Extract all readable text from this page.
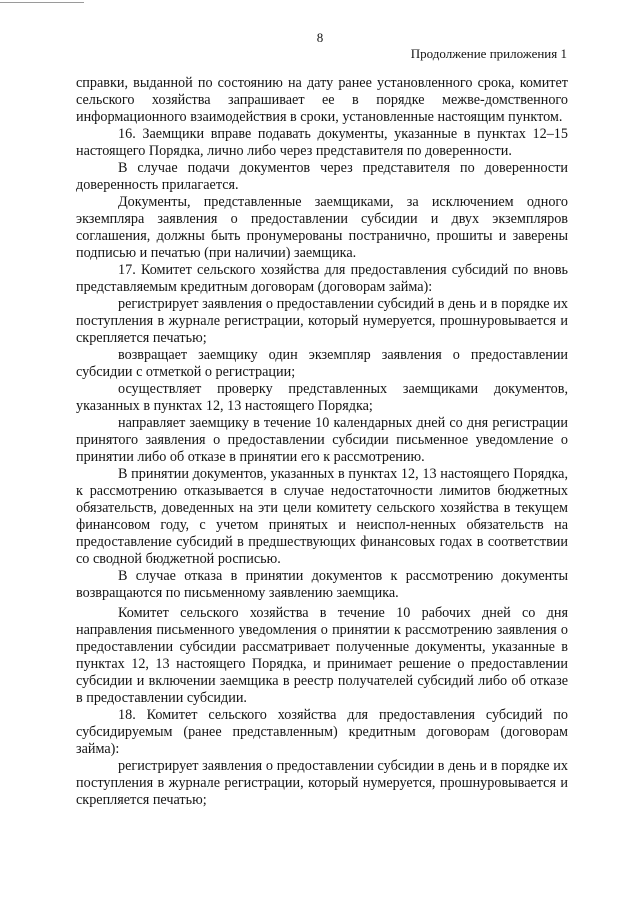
8
Продолжение приложения 1

справки, выданной по состоянию на дату ранее установленного срока, комитет сельского хозяйства запрашивает ее в порядке межве-домственного информационного взаимодействия в сроки, установленные настоящим пунктом.

16. Заемщики вправе подавать документы, указанные в пунктах 12–15 настоящего Порядка, лично либо через представителя по доверенности.

В случае подачи документов через представителя по доверенности доверенность прилагается.

Документы, представленные заемщиками, за исключением одного экземпляра заявления о предоставлении субсидии и двух экземпляров соглашения, должны быть пронумерованы постранично, прошиты и заверены подписью и печатью (при наличии) заемщика.

17. Комитет сельского хозяйства для предоставления субсидий по вновь представляемым кредитным договорам (договорам займа):

регистрирует заявления о предоставлении субсидий в день и в порядке их поступления в журнале регистрации, который нумеруется, прошнуровывается и скрепляется печатью;

возвращает заемщику один экземпляр заявления о предоставлении субсидии с отметкой о регистрации;

осуществляет проверку представленных заемщиками документов, указанных в пунктах 12, 13 настоящего Порядка;

направляет заемщику в течение 10 календарных дней со дня регистрации принятого заявления о предоставлении субсидии письменное уведомление о принятии либо об отказе в принятии его к рассмотрению.

В принятии документов, указанных в пунктах 12, 13 настоящего Порядка, к рассмотрению отказывается в случае недостаточности лимитов бюджетных обязательств, доведенных на эти цели комитету сельского хозяйства в текущем финансовом году, с учетом принятых и неиспол-ненных обязательств на предоставление субсидий в предшествующих финансовых годах в соответствии со сводной бюджетной росписью.

В случае отказа в принятии документов к рассмотрению документы возвращаются по письменному заявлению заемщика.

Комитет сельского хозяйства в течение 10 рабочих дней со дня направления письменного уведомления о принятии к рассмотрению заявления о предоставлении субсидии рассматривает полученные документы, указанные в пунктах 12, 13 настоящего Порядка, и принимает решение о предоставлении субсидии и включении заемщика в реестр получателей субсидий либо об отказе в предоставлении субсидии.

18. Комитет сельского хозяйства для предоставления субсидий по субсидируемым (ранее представленным) кредитным договорам (договорам займа):

регистрирует заявления о предоставлении субсидии в день и в порядке их поступления в журнале регистрации, который нумеруется, прошнуровывается и скрепляется печатью;
